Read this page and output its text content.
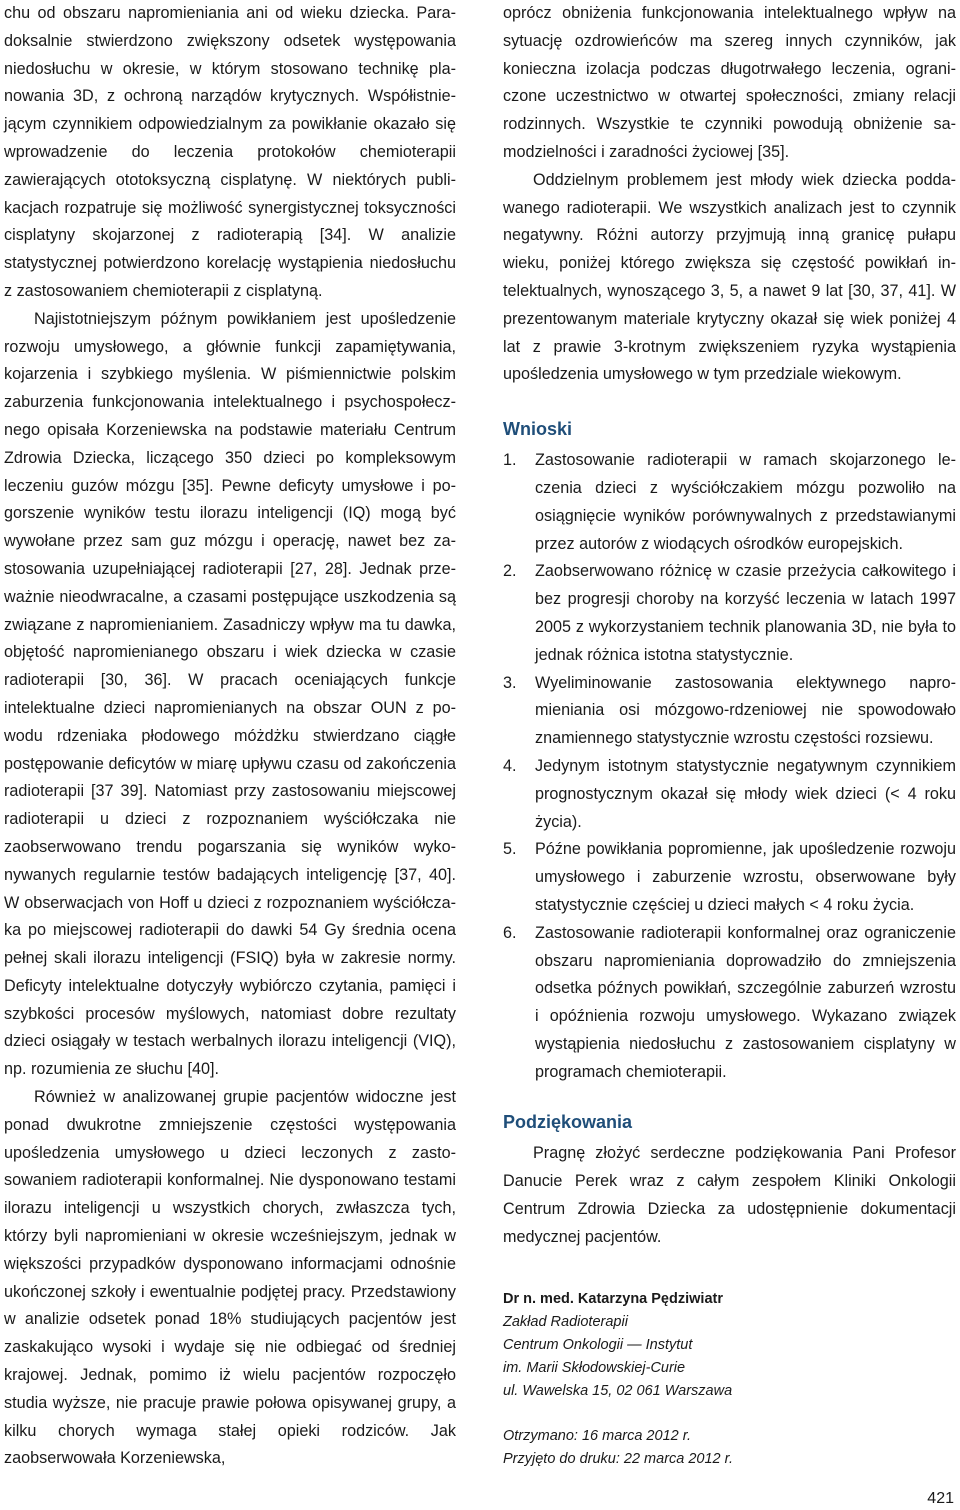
chu od obszaru napromieniania ani od wieku dziecka. Paradoksalnie stwierdzono zwiększony odsetek występowania niedosłuchu w okresie, w którym stosowano technikę planowania 3D, z ochroną narządów krytycznych. Współistniejącym czynnikiem odpowiedzialnym za powikłanie okazało się wprowadzenie do leczenia protokołów chemioterapii zawierających ototoksyczną cisplatynę. W niektórych publikacjach rozpatruje się możliwość synergistycznej toksyczności cisplatyny skojarzonej z radioterapią [34]. W analizie statystycznej potwierdzono korelację wystąpienia niedosłuchu z zastosowaniem chemioterapii z cisplatyną.

Najistotniejszym późnym powikłaniem jest upośledzenie rozwoju umysłowego, a głównie funkcji zapamiętywania, kojarzenia i szybkiego myślenia. W piśmiennictwie polskim zaburzenia funkcjonowania intelektualnego i psychospołecznego opisała Korzeniewska na podstawie materiału Centrum Zdrowia Dziecka, liczącego 350 dzieci po kompleksowym leczeniu guzów mózgu [35]. Pewne deficyty umysłowe i pogorszenie wyników testu ilorazu inteligencji (IQ) mogą być wywołane przez sam guz mózgu i operację, nawet bez zastosowania uzupełniającej radioterapii [27, 28]. Jednak przeważnie nieodwracalne, a czasami postępujące uszkodzenia są związane z napromienianiem. Zasadniczy wpływ ma tu dawka, objętość napromienianego obszaru i wiek dziecka w czasie radioterapii [30, 36]. W pracach oceniających funkcje intelektualne dzieci napromienianych na obszar OUN z powodu rdzeniaka płodowego móżdżku stwierdzano ciągłe postępowanie deficytów w miarę upływu czasu od zakończenia radioterapii [37 39]. Natomiast przy zastosowaniu miejscowej radioterapii u dzieci z rozpoznaniem wyściółczaka nie zaobserwowano trendu pogarszania się wyników wykonywanych regularnie testów badających inteligencję [37, 40]. W obserwacjach von Hoff u dzieci z rozpoznaniem wyściółczaka po miejscowej radioterapii do dawki 54 Gy średnia ocena pełnej skali ilorazu inteligencji (FSIQ) była w zakresie normy. Deficyty intelektualne dotyczyły wybiórczo czytania, pamięci i szybkości procesów myślowych, natomiast dobre rezultaty dzieci osiągały w testach werbalnych ilorazu inteligencji (VIQ), np. rozumienia ze słuchu [40].

Również w analizowanej grupie pacjentów widoczne jest ponad dwukrotne zmniejszenie częstości występowania upośledzenia umysłowego u dzieci leczonych z zastosowaniem radioterapii konformalnej. Nie dysponowano testami ilorazu inteligencji u wszystkich chorych, zwłaszcza tych, którzy byli napromieniani w okresie wcześniejszym, jednak w większości przypadków dysponowano informacjami odnośnie ukończonej szkoły i ewentualnie podjętej pracy. Przedstawiony w analizie odsetek ponad 18% studiujących pacjentów jest zaskakująco wysoki i wydaje się nie odbiegać od średniej krajowej. Jednak, pomimo iż wielu pacjentów rozpoczęło studia wyższe, nie pracuje prawie połowa opisywanej grupy, a kilku chorych wymaga stałej opieki rodziców. Jak zaobserwowała Korzeniewska,

oprócz obniżenia funkcjonowania intelektualnego wpływ na sytuację ozdrowieńców ma szereg innych czynników, jak konieczna izolacja podczas długotrwałego leczenia, ograniczone uczestnictwo w otwartej społeczności, zmiany relacji rodzinnych. Wszystkie te czynniki powodują obniżenie samodzielności i zaradności życiowej [35].

Oddzielnym problemem jest młody wiek dziecka poddawanego radioterapii. We wszystkich analizach jest to czynnik negatywny. Różni autorzy przyjmują inną granicę pułapu wieku, poniżej którego zwiększa się częstość powikłań intelektualnych, wynoszącego 3, 5, a nawet 9 lat [30, 37, 41]. W prezentowanym materiale krytyczny okazał się wiek poniżej 4 lat z prawie 3-krotnym zwiększeniem ryzyka wystąpienia upośledzenia umysłowego w tym przedziale wiekowym.

Wnioski
1. Zastosowanie radioterapii w ramach skojarzonego leczenia dzieci z wyściółczakiem mózgu pozwoliło na osiągnięcie wyników porównywalnych z przedstawianymi przez autorów z wiodących ośrodków europejskich.
2. Zaobserwowano różnicę w czasie przeżycia całkowitego i bez progresji choroby na korzyść leczenia w latach 1997 2005 z wykorzystaniem technik planowania 3D, nie była to jednak różnica istotna statystycznie.
3. Wyeliminowanie zastosowania elektywnego napromieniania osi mózgowo-rdzeniowej nie spowodowało znamiennego statystycznie wzrostu częstości rozsiewu.
4. Jedynym istotnym statystycznie negatywnym czynnikiem prognostycznym okazał się młody wiek dzieci (< 4 roku życia).
5. Późne powikłania popromienne, jak upośledzenie rozwoju umysłowego i zaburzenie wzrostu, obserwowane były statystycznie częściej u dzieci małych < 4 roku życia.
6. Zastosowanie radioterapii konformalnej oraz ograniczenie obszaru napromieniania doprowadziło do zmniejszenia odsetka późnych powikłań, szczególnie zaburzeń wzrostu i opóźnienia rozwoju umysłowego. Wykazano związek wystąpienia niedosłuchu z zastosowaniem cisplatyny w programach chemioterapii.
Podziękowania

Pragnę złożyć serdeczne podziękowania Pani Profesor Danucie Perek wraz z całym zespołem Kliniki Onkologii Centrum Zdrowia Dziecka za udostępnienie dokumentacji medycznej pacjentów.

Dr n. med. Katarzyna Pędziwiatr
Zakład Radioterapii
Centrum Onkologii — Instytut
im. Marii Skłodowskiej-Curie
ul. Wawelska 15, 02 061 Warszawa
Otrzymano: 16 marca 2012 r.
Przyjęto do druku: 22 marca 2012 r.
421
